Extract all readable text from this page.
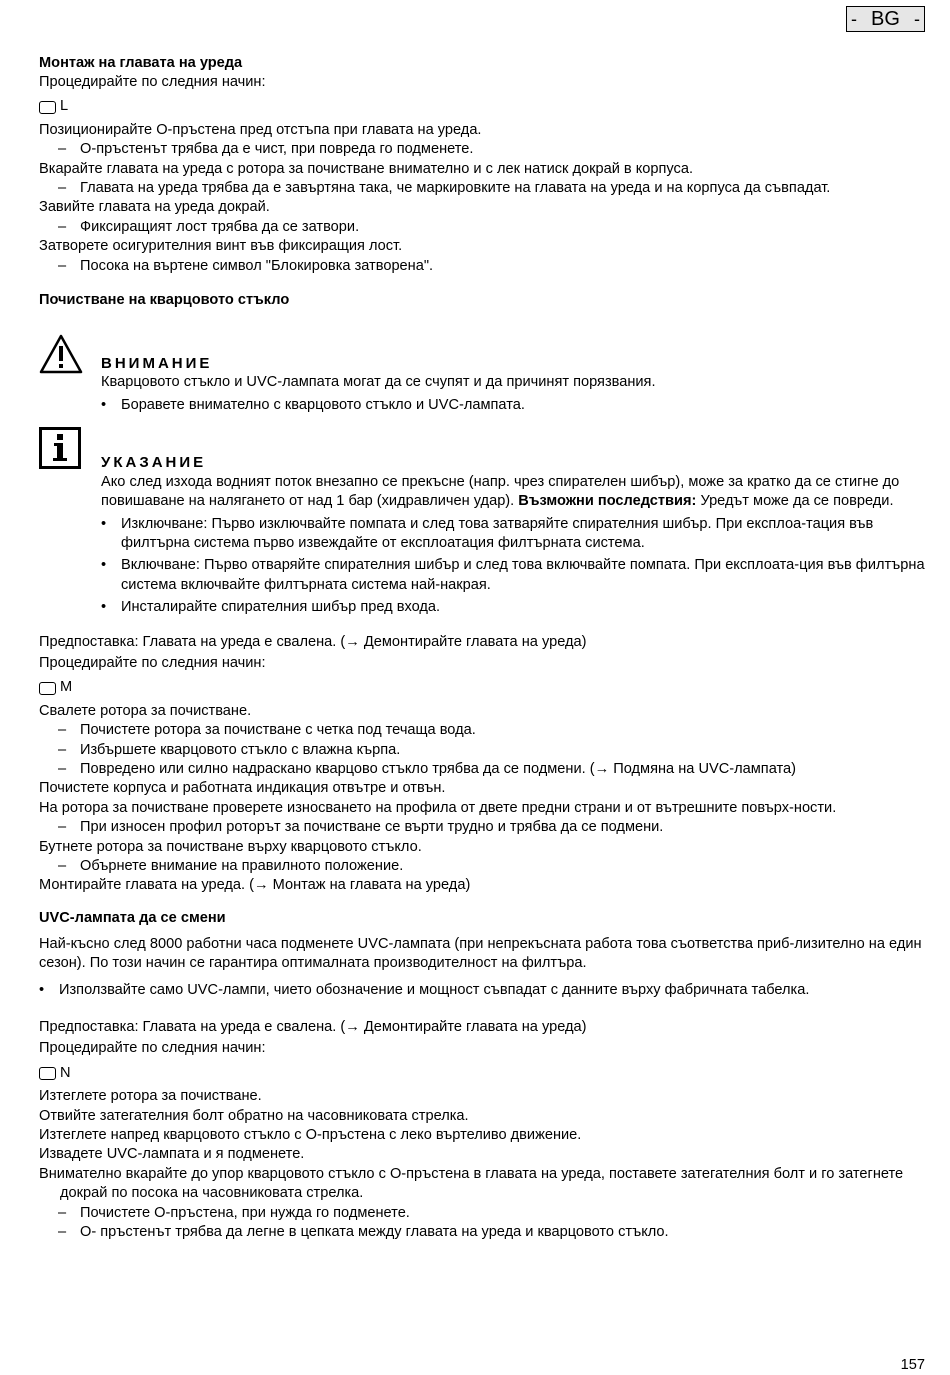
- BG -
Монтаж на главата на уреда

Процедирайте по следния начин:

L

Позиционирайте О-пръстена пред отстъпа при главата на уреда.

– О-пръстенът трябва да е чист, при повреда го подменете.

Вкарайте главата на уреда с ротора за почистване внимателно и с лек натиск докрай в корпуса.

– Главата на уреда трябва да е завъртяна така, че маркировките на главата на уреда и на корпуса да съвпадат.

Завийте главата на уреда докрай.

– Фиксиращият лост трябва да се затвори.

Затворете осигурителния винт във фиксиращия лост.

– Посока на въртене символ "Блокировка затворена".

Почистване на кварцовото стъкло

ВНИМАНИЕ

Кварцовото стъкло и UVC-лампата могат да се счупят и да причинят порязвания.

• Боравете внимателно с кварцовото стъкло и UVC-лампата.

УКАЗАНИЕ

Ако след изхода водният поток внезапно се прекъсне (напр. чрез спирателен шибър), може за кратко да се стигне до повишаване на налягането от над 1 бар (хидравличен удар). Възможни последствия: Уредът може да се повреди.

• Изключване: Първо изключвайте помпата и след това затваряйте спирателния шибър. При експлоа-тация във филтърна система първо извеждайте от експлоатация филтърната система.

• Включване: Първо отваряйте спирателния шибър и след това включвайте помпата. При експлоата-ция във филтърна система включвайте филтърната система най-накрая.

• Инсталирайте спирателния шибър пред входа.

Предпоставка: Главата на уреда е свалена. (→ Демонтирайте главата на уреда)

Процедирайте по следния начин:

M

Свалете ротора за почистване.

– Почистете ротора за почистване с четка под течаща вода.

– Избършете кварцовото стъкло с влажна кърпа.

– Повредено или силно надраскано кварцово стъкло трябва да се подмени. (→ Подмяна на UVC-лампата)

Почистете корпуса и работната индикация отвътре и отвън.

На ротора за почистване проверете износването на профила от двете предни страни и от вътрешните повърх-ности.

– При износен профил роторът за почистване се върти трудно и трябва да се подмени.

Бутнете ротора за почистване върху кварцовото стъкло.

– Обърнете внимание на правилното положение.

Монтирайте главата на уреда. (→ Монтаж на главата на уреда)

UVC-лампата да се смени

Най-късно след 8000 работни часа подменете UVC-лампата (при непрекъсната работа това съответства приб-лизително на един сезон). По този начин се гарантира оптималната производителност на филтъра.

• Използвайте само UVC-лампи, чието обозначение и мощност съвпадат с данните върху фабричната табелка.

Предпоставка: Главата на уреда е свалена. (→ Демонтирайте главата на уреда)

Процедирайте по следния начин:

N

Изтеглете ротора за почистване.

Отвийте затегателния болт обратно на часовниковата стрелка.

Изтеглете напред кварцовото стъкло с О-пръстена с леко въртеливо движение.

Извадете UVC-лампата и я подменете.

Внимателно вкарайте до упор кварцовото стъкло с О-пръстена в главата на уреда, поставете затегателния болт и го затегнете докрай по посока на часовниковата стрелка.

– Почистете О-пръстена, при нужда го подменете.

– О- пръстенът трябва да легне в цепката между главата на уреда и кварцовото стъкло.

157
